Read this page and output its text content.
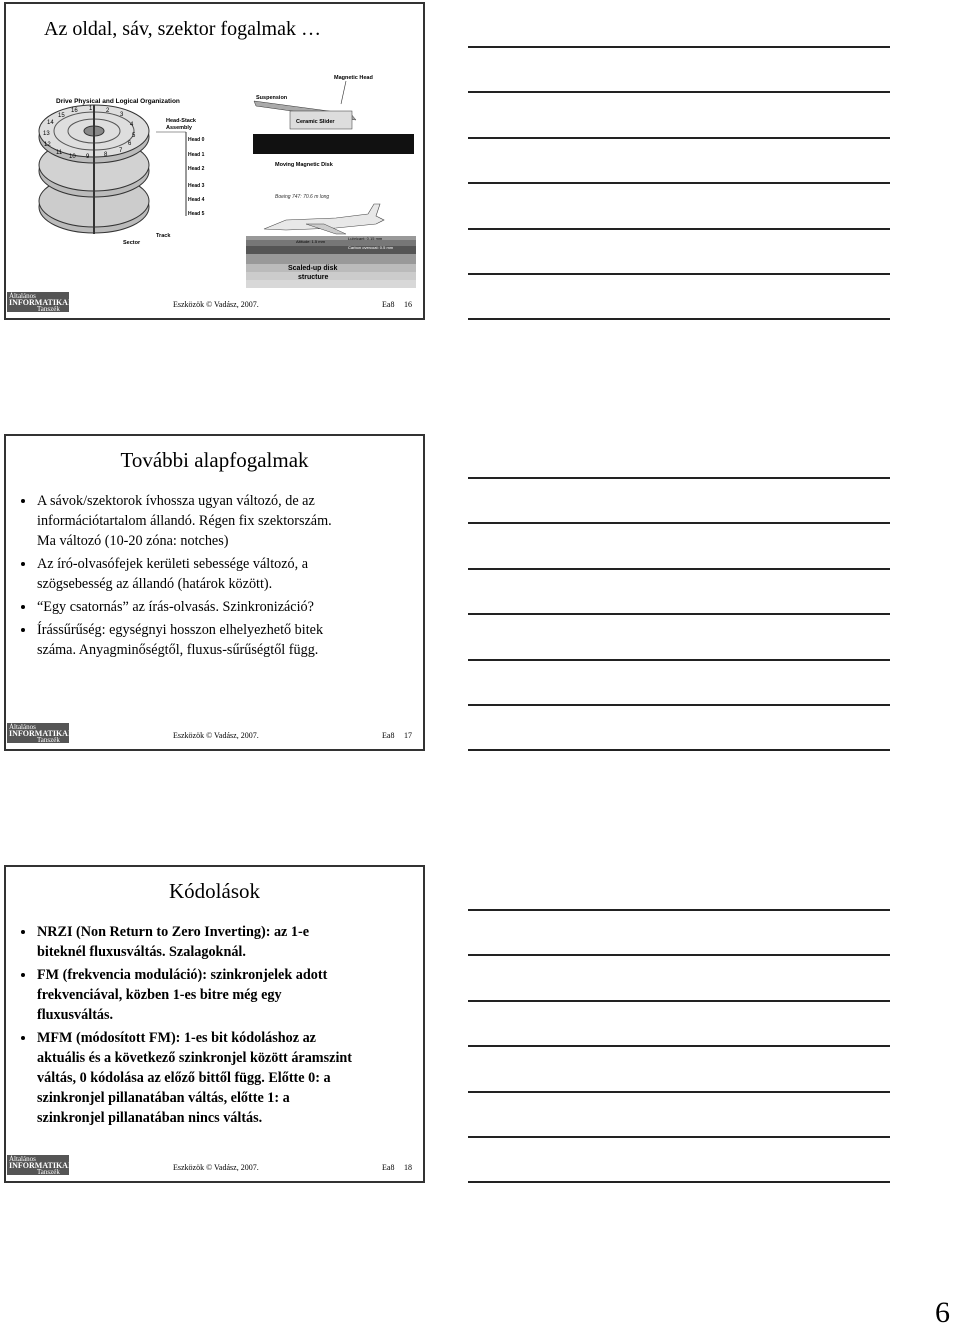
Az oldal, sáv, szektor fogalmak …
Drive Physical and Logical Organization
14
15
16 1 2
3
4
5
13
12
11
10 9 8
7
6
Head-Stack
Assembly
Head 0
Head 1
Head 2
Head 3
Head 4
Head 5
Sector
Track
Magnetic Head
Suspension
Ceramic Slider
Moving Magnetic Disk
Boeing 747: 70.6 m long
Altitude: 1.5 mm
Lubricant: 0.15 mm
Carbon overcoat: 0.5 mm
Scaled-up disk
structure
Általános
INFORMATIKAI
Tanszék	Eszközök © Vadász, 2007.	Ea8 16
További alapfogalmak
A sávok/szektorok ívhossza ugyan változó, de az
információtartalom állandó. Régen fix szektorszám.
Ma változó (10-20 zóna: notches)
Az író-olvasófejek kerületi sebessége változó, a
szögsebesség az állandó (határok között).
“Egy csatornás” az írás-olvasás. Szinkronizáció?
Írássűrűség: egységnyi hosszon elhelyezhető bitek
száma. Anyagminőségtől, fluxus-sűrűségtől függ.
Általános
INFORMATIKAI
Tanszék	Eszközök © Vadász, 2007.	Ea8 17
Kódolások
NRZI (Non Return to Zero Inverting): az 1-e
biteknél fluxusváltás. Szalagoknál.
FM (frekvencia moduláció): szinkronjelek adott
frekvenciával, közben 1-es bitre még egy
fluxusváltás.
MFM (módosított FM): 1-es bit kódoláshoz az
aktuális és a következő szinkronjel között áramszint
váltás, 0 kódolása az előző bittől függ. Előtte 0: a
szinkronjel pillanatában váltás, előtte 1: a
szinkronjel pillanatában nincs váltás.
Általános
INFORMATIKAI
Tanszék	Eszközök © Vadász, 2007.	Ea8 18
6
